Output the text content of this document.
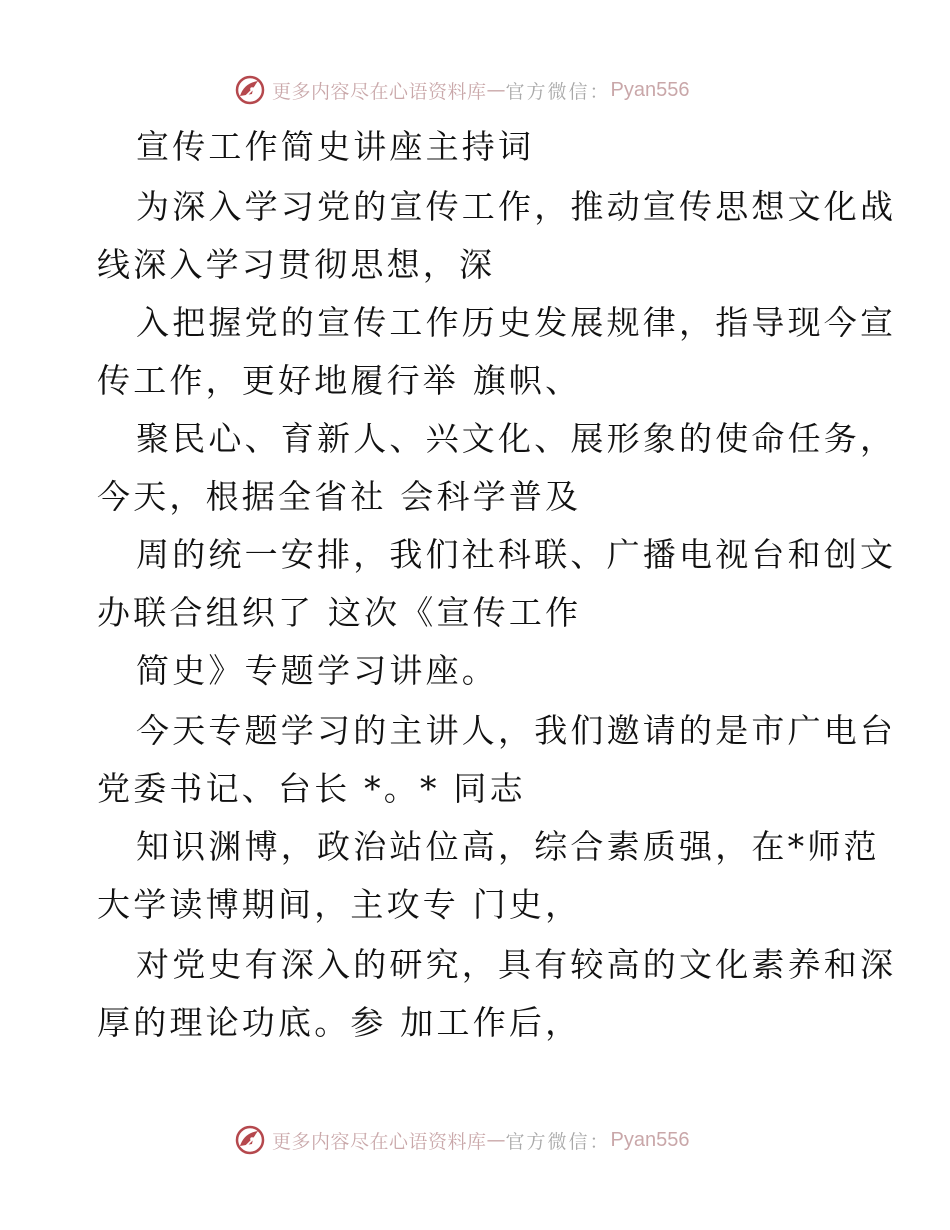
更多内容尽在心语资料库 — 官方微信： Pyan556
宣传工作简史讲座主持词
为深入学习党的宣传工作，推动宣传思想文化战
线深入学习贯彻思想，深
入把握党的宣传工作历史发展规律，指导现今宣
传工作，更好地履行举 旗帜、
聚民心、育新人、兴文化、展形象的使命任务，
今天，根据全省社 会科学普及
周的统一安排，我们社科联、广播电视台和创文
办联合组织了 这次《宣传工作
简史》专题学习讲座。
今天专题学习的主讲人，我们邀请的是市广电台
党委书记、台长 *。* 同志
知识渊博，政治站位高，综合素质强，在*师范
大学读博期间，主攻专 门史，
对党史有深入的研究，具有较高的文化素养和深
厚的理论功底。参 加工作后，
更多内容尽在心语资料库 — 官方微信： Pyan556
